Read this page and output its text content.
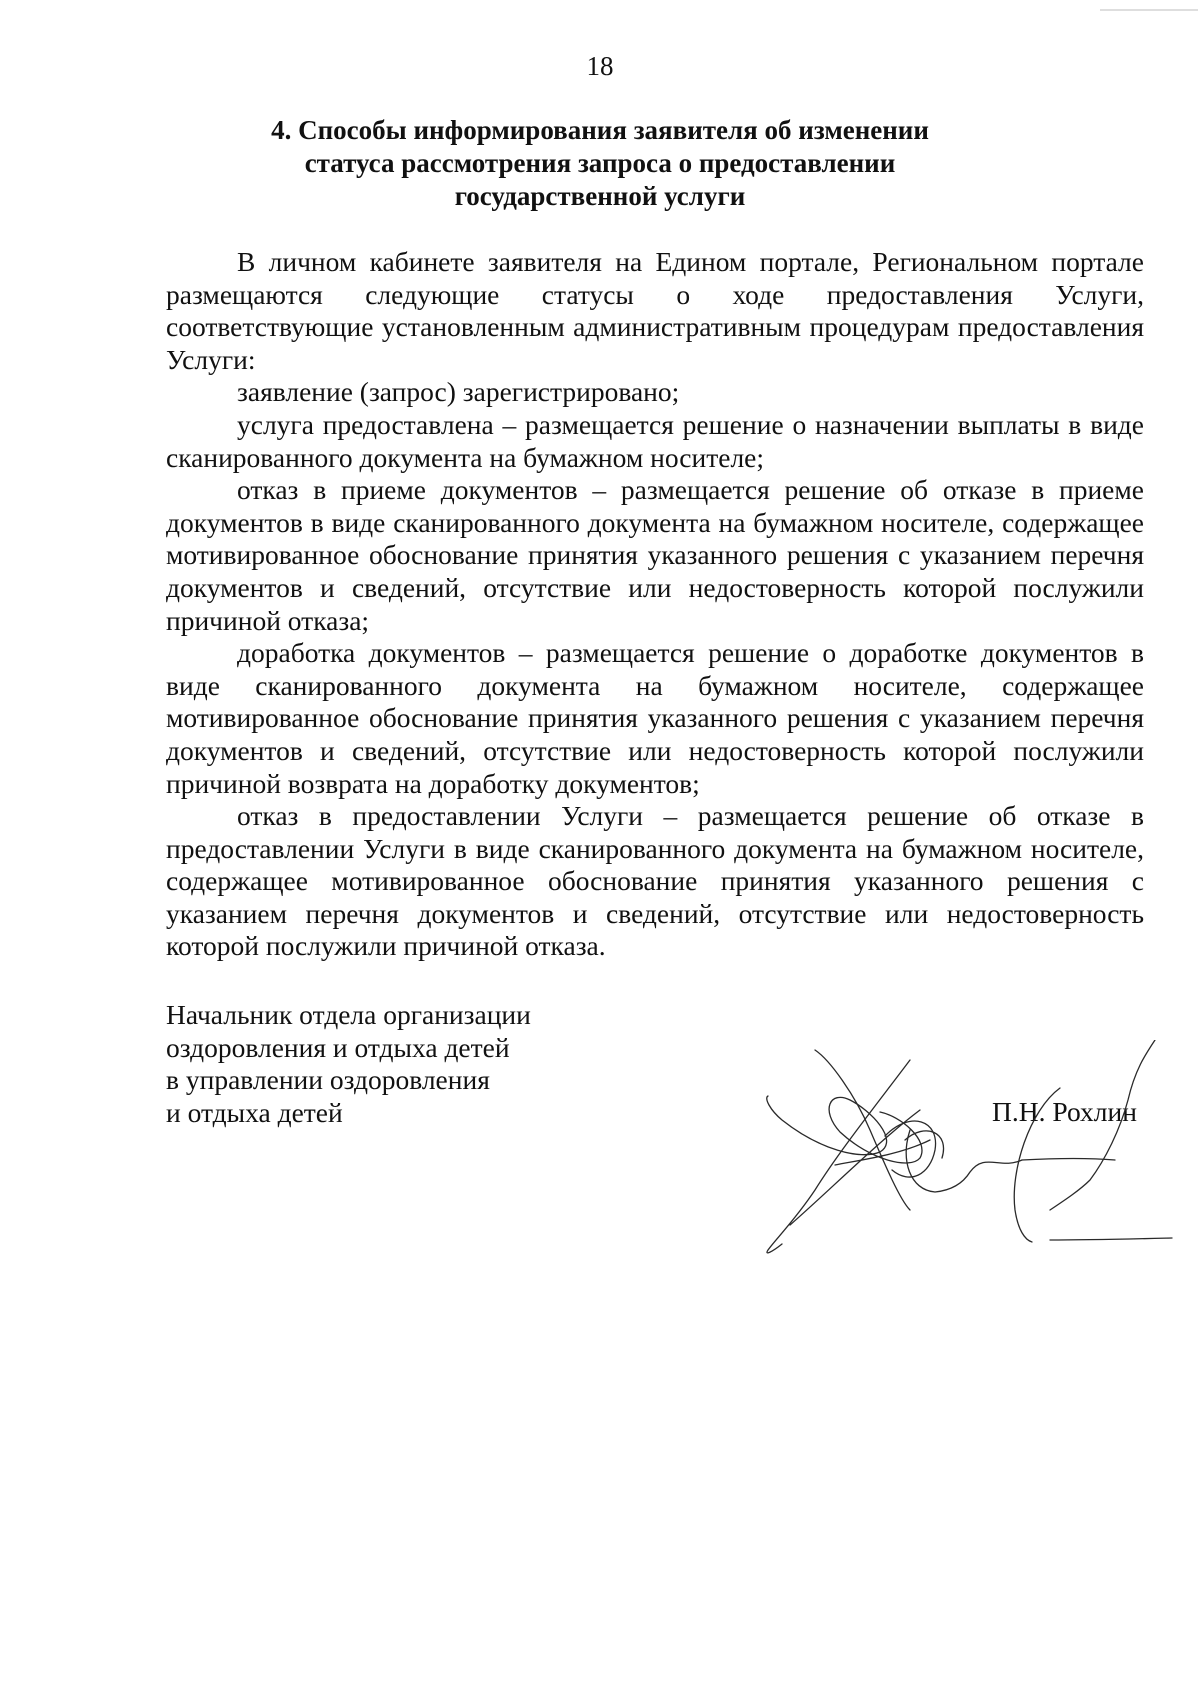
18
4. Способы информирования заявителя об изменении
статуса рассмотрения запроса о предоставлении
государственной услуги

В личном кабинете заявителя на Едином портале, Региональном портале размещаются следующие статусы о ходе предоставления Услуги, соответствующие установленным административным процедурам предоставления Услуги:

заявление (запрос) зарегистрировано;

услуга предоставлена – размещается решение о назначении выплаты в виде сканированного документа на бумажном носителе;

отказ в приеме документов – размещается решение об отказе в приеме документов в виде сканированного документа на бумажном носителе, содержащее мотивированное обоснование принятия указанного решения с указанием перечня документов и сведений, отсутствие или недостоверность которой послужили причиной отказа;

доработка документов – размещается решение о доработке документов в виде сканированного документа на бумажном носителе, содержащее мотивированное обоснование принятия указанного решения с указанием перечня документов и сведений, отсутствие или недостоверность которой послужили причиной возврата на доработку документов;

отказ в предоставлении Услуги – размещается решение об отказе в предоставлении Услуги в виде сканированного документа на бумажном носителе, содержащее мотивированное обоснование принятия указанного решения с указанием перечня документов и сведений, отсутствие или недостоверность которой послужили причиной отказа.

Начальник отдела организации
оздоровления и отдыха детей
в управлении оздоровления
и отдыха детей	П.Н. Рохлин
